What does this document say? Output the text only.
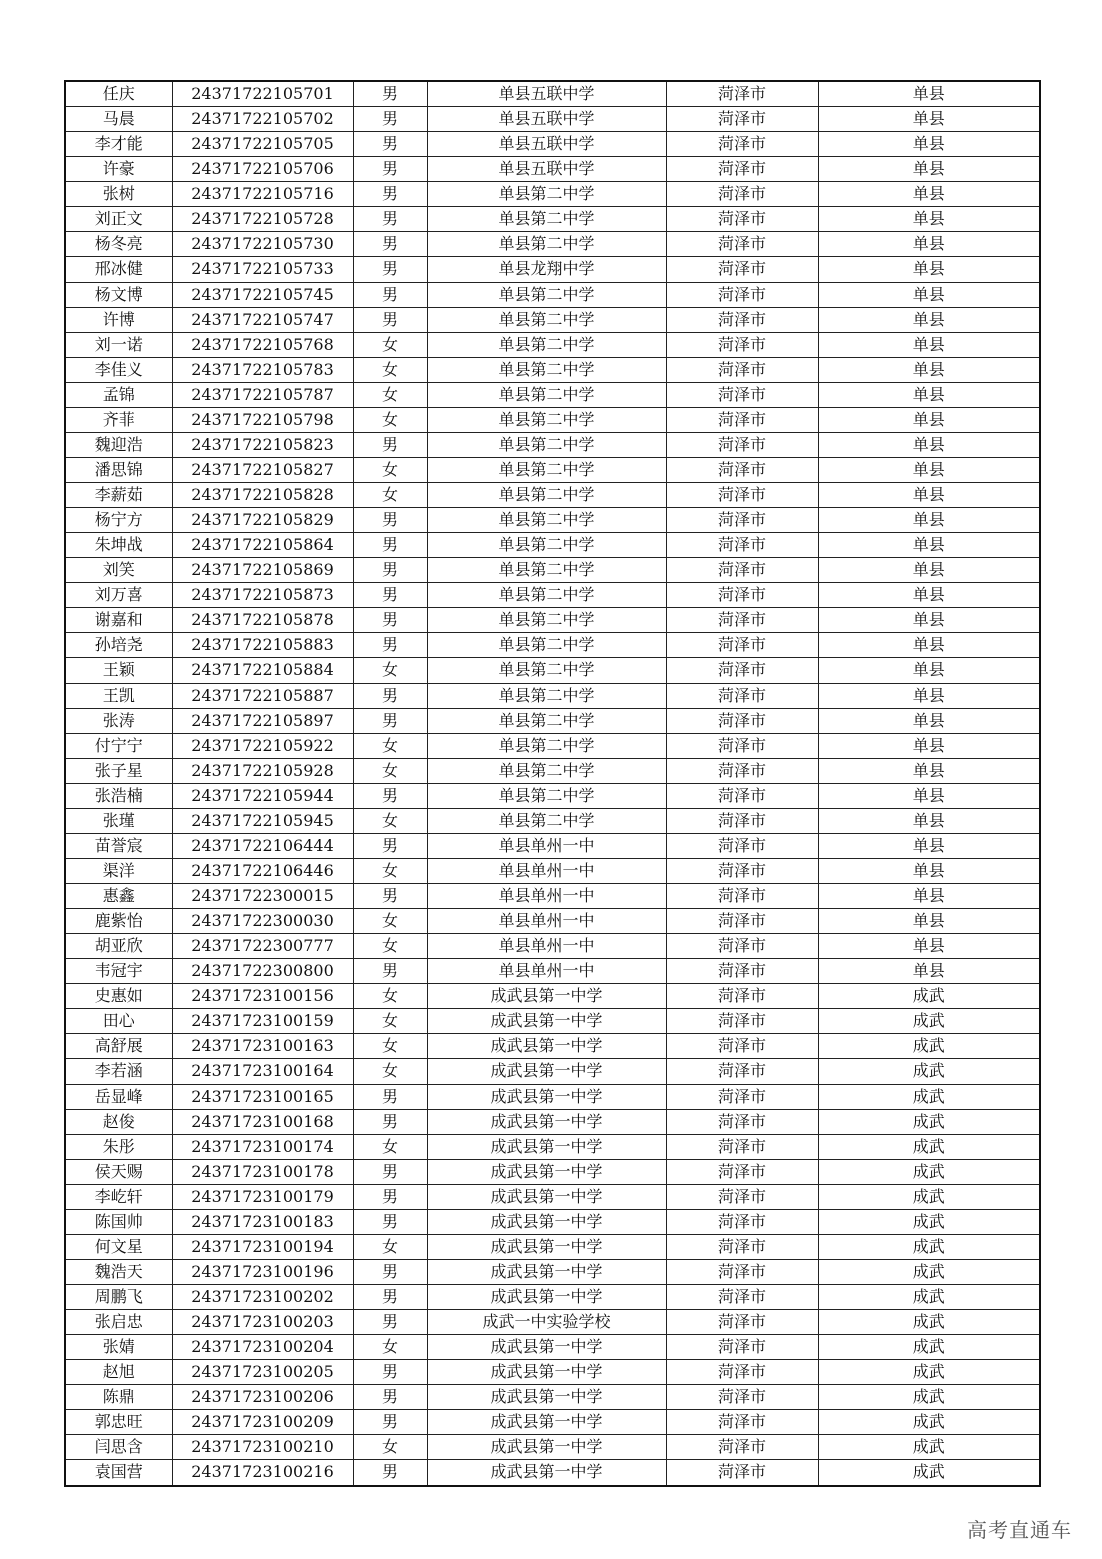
任庆	24371722105701	男	单县五联中学	菏泽市	单县
马晨	24371722105702	男	单县五联中学	菏泽市	单县
李才能	24371722105705	男	单县五联中学	菏泽市	单县
许豪	24371722105706	男	单县五联中学	菏泽市	单县
张树	24371722105716	男	单县第二中学	菏泽市	单县
刘正文	24371722105728	男	单县第二中学	菏泽市	单县
杨冬亮	24371722105730	男	单县第二中学	菏泽市	单县
邢冰健	24371722105733	男	单县龙翔中学	菏泽市	单县
杨文博	24371722105745	男	单县第二中学	菏泽市	单县
许博	24371722105747	男	单县第二中学	菏泽市	单县
刘一诺	24371722105768	女	单县第二中学	菏泽市	单县
李佳义	24371722105783	女	单县第二中学	菏泽市	单县
孟锦	24371722105787	女	单县第二中学	菏泽市	单县
齐菲	24371722105798	女	单县第二中学	菏泽市	单县
魏迎浩	24371722105823	男	单县第二中学	菏泽市	单县
潘思锦	24371722105827	女	单县第二中学	菏泽市	单县
李薪茹	24371722105828	女	单县第二中学	菏泽市	单县
杨宁方	24371722105829	男	单县第二中学	菏泽市	单县
朱坤战	24371722105864	男	单县第二中学	菏泽市	单县
刘笑	24371722105869	男	单县第二中学	菏泽市	单县
刘万喜	24371722105873	男	单县第二中学	菏泽市	单县
谢嘉和	24371722105878	男	单县第二中学	菏泽市	单县
孙培尧	24371722105883	男	单县第二中学	菏泽市	单县
王颖	24371722105884	女	单县第二中学	菏泽市	单县
王凯	24371722105887	男	单县第二中学	菏泽市	单县
张涛	24371722105897	男	单县第二中学	菏泽市	单县
付宁宁	24371722105922	女	单县第二中学	菏泽市	单县
张子星	24371722105928	女	单县第二中学	菏泽市	单县
张浩楠	24371722105944	男	单县第二中学	菏泽市	单县
张瑾	24371722105945	女	单县第二中学	菏泽市	单县
苗誉宸	24371722106444	男	单县单州一中	菏泽市	单县
渠洋	24371722106446	女	单县单州一中	菏泽市	单县
惠鑫	24371722300015	男	单县单州一中	菏泽市	单县
鹿紫怡	24371722300030	女	单县单州一中	菏泽市	单县
胡亚欣	24371722300777	女	单县单州一中	菏泽市	单县
韦冠宇	24371722300800	男	单县单州一中	菏泽市	单县
史惠如	24371723100156	女	成武县第一中学	菏泽市	成武
田心	24371723100159	女	成武县第一中学	菏泽市	成武
高舒展	24371723100163	女	成武县第一中学	菏泽市	成武
李若涵	24371723100164	女	成武县第一中学	菏泽市	成武
岳显峰	24371723100165	男	成武县第一中学	菏泽市	成武
赵俊	24371723100168	男	成武县第一中学	菏泽市	成武
朱彤	24371723100174	女	成武县第一中学	菏泽市	成武
侯天赐	24371723100178	男	成武县第一中学	菏泽市	成武
李屹轩	24371723100179	男	成武县第一中学	菏泽市	成武
陈国帅	24371723100183	男	成武县第一中学	菏泽市	成武
何文星	24371723100194	女	成武县第一中学	菏泽市	成武
魏浩天	24371723100196	男	成武县第一中学	菏泽市	成武
周鹏飞	24371723100202	男	成武县第一中学	菏泽市	成武
张启忠	24371723100203	男	成武一中实验学校	菏泽市	成武
张婧	24371723100204	女	成武县第一中学	菏泽市	成武
赵旭	24371723100205	男	成武县第一中学	菏泽市	成武
陈鼎	24371723100206	男	成武县第一中学	菏泽市	成武
郭忠旺	24371723100209	男	成武县第一中学	菏泽市	成武
闫思含	24371723100210	女	成武县第一中学	菏泽市	成武
袁国营	24371723100216	男	成武县第一中学	菏泽市	成武
高考直通车
